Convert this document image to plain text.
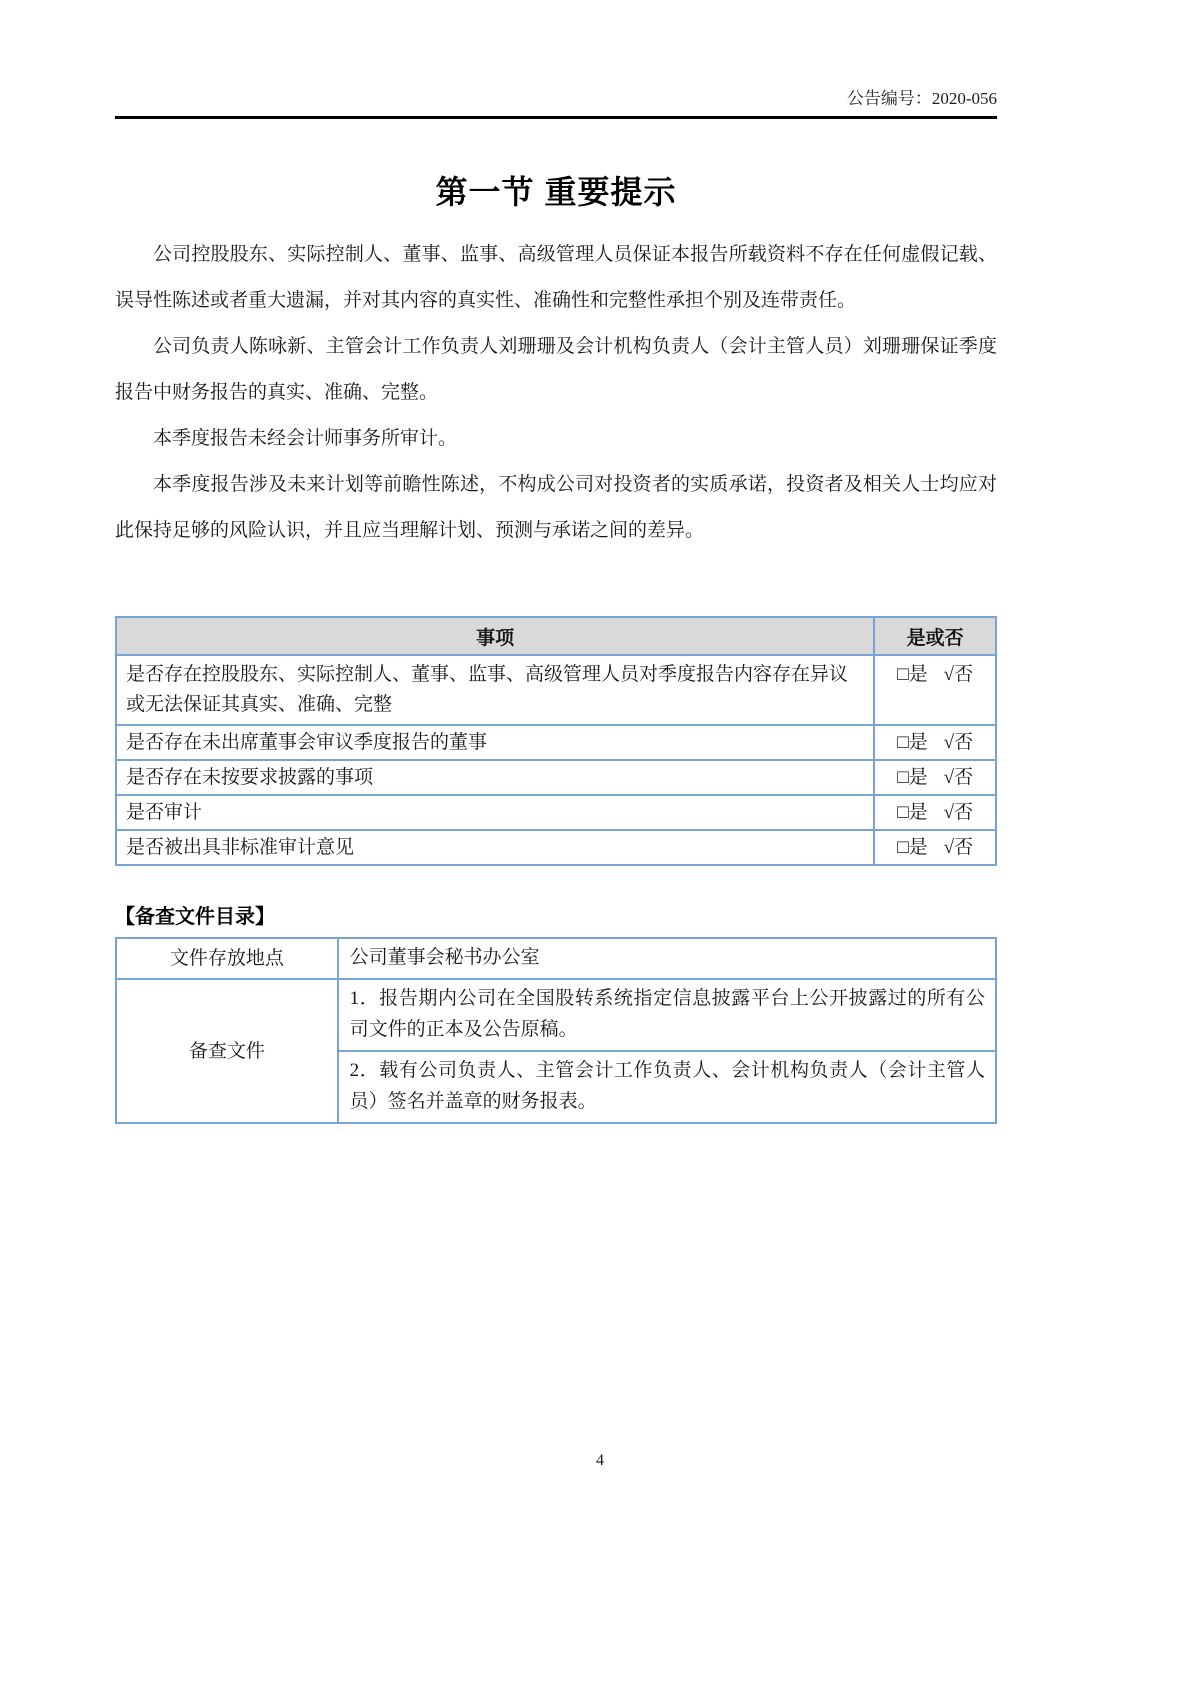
公告编号：2020-056
第一节 重要提示

公司控股股东、实际控制人、董事、监事、高级管理人员保证本报告所载资料不存在任何虚假记载、误导性陈述或者重大遗漏，并对其内容的真实性、准确性和完整性承担个别及连带责任。

公司负责人陈咏新、主管会计工作负责人刘珊珊及会计机构负责人（会计主管人员）刘珊珊保证季度报告中财务报告的真实、准确、完整。

本季度报告未经会计师事务所审计。

本季度报告涉及未来计划等前瞻性陈述，不构成公司对投资者的实质承诺，投资者及相关人士均应对此保持足够的风险认识，并且应当理解计划、预测与承诺之间的差异。

事项	是或否
是否存在控股股东、实际控制人、董事、监事、高级管理人员对季度报告内容存在异议或无法保证其真实、准确、完整	□是 √否
是否存在未出席董事会审议季度报告的董事	□是 √否
是否存在未按要求披露的事项	□是 √否
是否审计	□是 √否
是否被出具非标准审计意见	□是 √否
【备查文件目录】
文件存放地点	公司董事会秘书办公室
备查文件	1．报告期内公司在全国股转系统指定信息披露平台上公开披露过的所有公司文件的正本及公告原稿。
	2．载有公司负责人、主管会计工作负责人、会计机构负责人（会计主管人员）签名并盖章的财务报表。
4
